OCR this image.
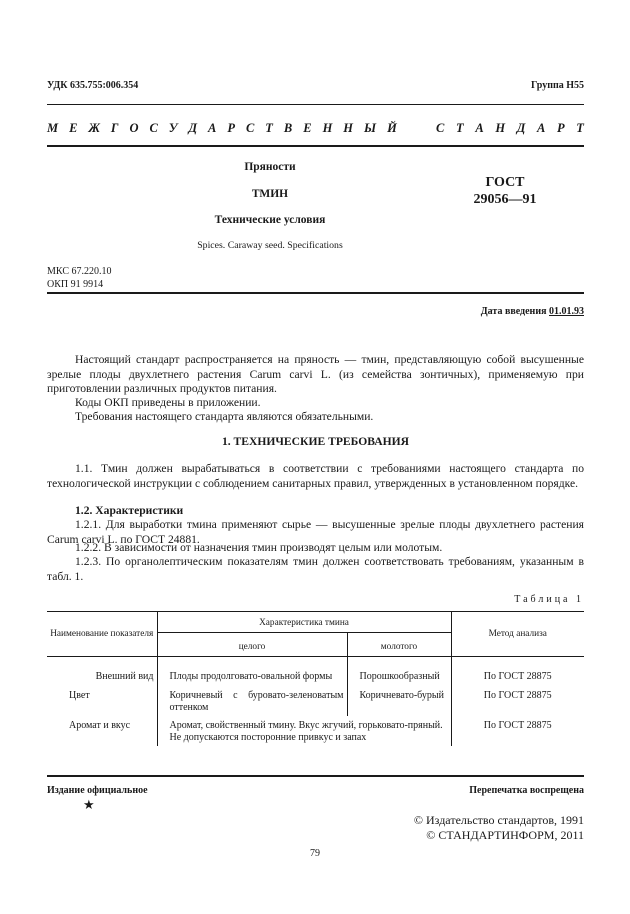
УДК 635.755:006.354	Группа Н55
М Е Ж Г О С У Д А Р С Т В Е Н Н Ы Й	С Т А Н Д А Р Т
Пряности
ТМИН
Технические условия
Spices. Caraway seed. Specifications
ГОСТ
29056—91
МКС 67.220.10
ОКП 91 9914
Дата введения 01.01.93
Настоящий стандарт распространяется на пряность — тмин, представляющую собой высушенные зрелые плоды двухлетнего растения Carum carvi L. (из семейства зонтичных), применяемую при приготовлении различных продуктов питания.
Коды ОКП приведены в приложении.
Требования настоящего стандарта являются обязательными.
1. ТЕХНИЧЕСКИЕ ТРЕБОВАНИЯ
1.1. Тмин должен вырабатываться в соответствии с требованиями настоящего стандарта по технологической инструкции с соблюдением санитарных правил, утвержденных в установленном порядке.
1.2. Характеристики
1.2.1. Для выработки тмина применяют сырье — высушенные зрелые плоды двухлетнего растения Carum carvi L. по ГОСТ 24881.
1.2.2. В зависимости от назначения тмин производят целым или молотым.
1.2.3. По органолептическим показателям тмин должен соответствовать требованиям, указанным в табл. 1.
Таблица 1
Наименование показателя	Характеристика тмина		Метод анализа
	целого	молотого	
Внешний вид	Плоды продолговато-овальной формы	Порошкообразный	По ГОСТ 28875
Цвет	Коричневый с буровато-зеленоватым оттенком	Коричневато-бурый	По ГОСТ 28875
Аромат и вкус	Аромат, свойственный тмину. Вкус жгучий, горьковато-пряный. Не допускаются посторонние привкус и запах		По ГОСТ 28875
Издание официальное	Перепечатка воспрещена
★
© Издательство стандартов, 1991
© СТАНДАРТИНФОРМ, 2011
79
